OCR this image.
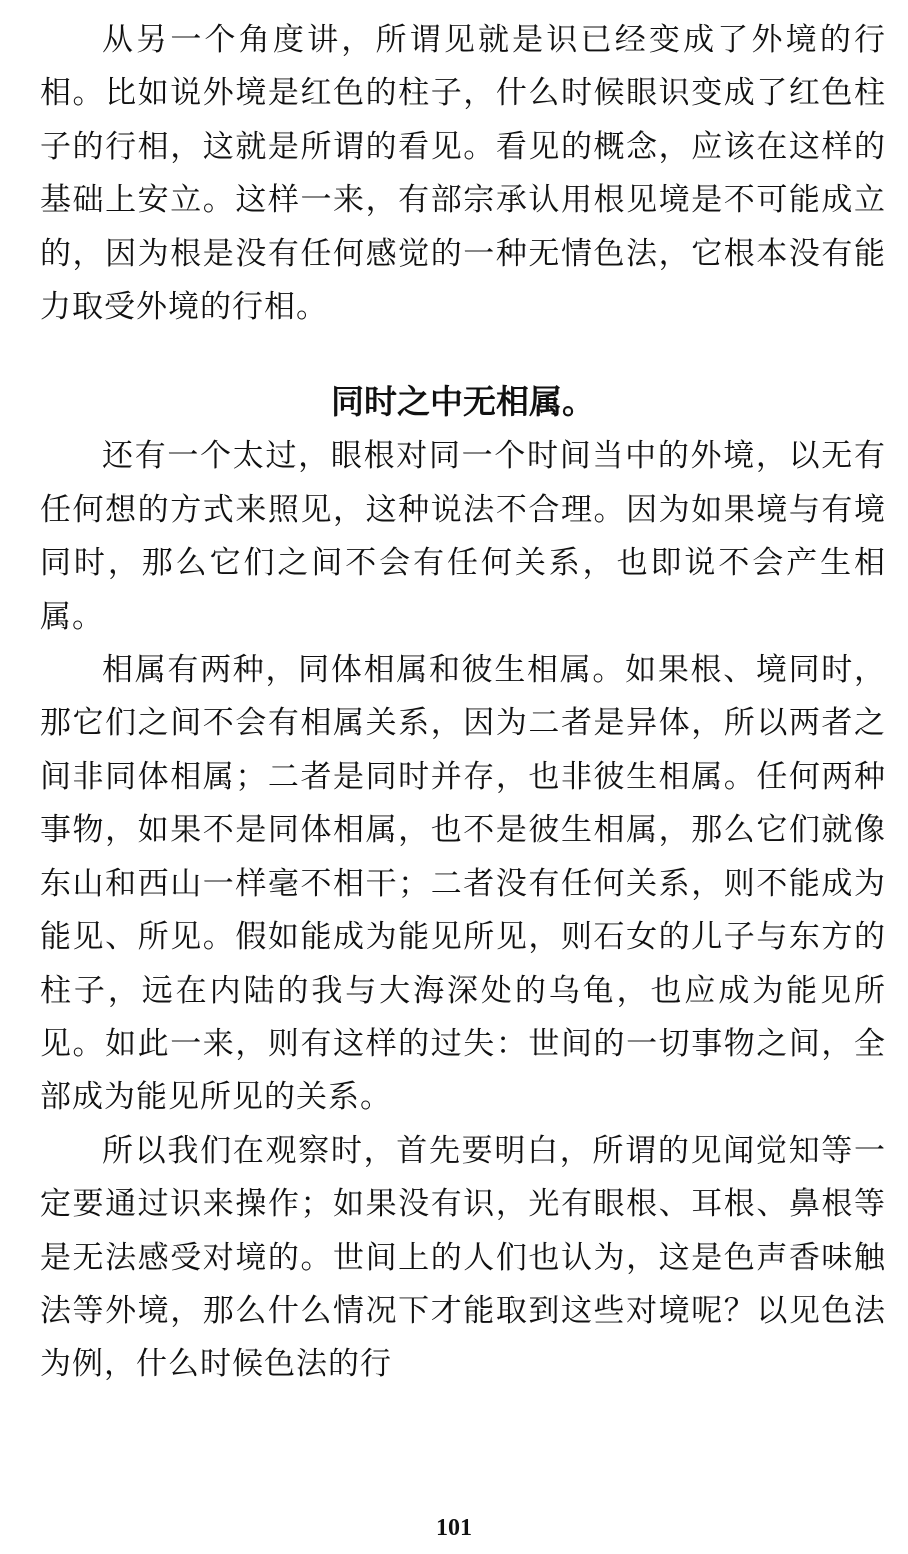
从另一个角度讲，所谓见就是识已经变成了外境的行相。比如说外境是红色的柱子，什么时候眼识变成了红色柱子的行相，这就是所谓的看见。看见的概念，应该在这样的基础上安立。这样一来，有部宗承认用根见境是不可能成立的，因为根是没有任何感觉的一种无情色法，它根本没有能力取受外境的行相。

同时之中无相属。

还有一个太过，眼根对同一个时间当中的外境，以无有任何想的方式来照见，这种说法不合理。因为如果境与有境同时，那么它们之间不会有任何关系，也即说不会产生相属。

相属有两种，同体相属和彼生相属。如果根、境同时，那它们之间不会有相属关系，因为二者是异体，所以两者之间非同体相属；二者是同时并存，也非彼生相属。任何两种事物，如果不是同体相属，也不是彼生相属，那么它们就像东山和西山一样毫不相干；二者没有任何关系，则不能成为能见、所见。假如能成为能见所见，则石女的儿子与东方的柱子，远在内陆的我与大海深处的乌龟，也应成为能见所见。如此一来，则有这样的过失：世间的一切事物之间，全部成为能见所见的关系。

所以我们在观察时，首先要明白，所谓的见闻觉知等一定要通过识来操作；如果没有识，光有眼根、耳根、鼻根等是无法感受对境的。世间上的人们也认为，这是色声香味触法等外境，那么什么情况下才能取到这些对境呢？以见色法为例，什么时候色法的行

101
